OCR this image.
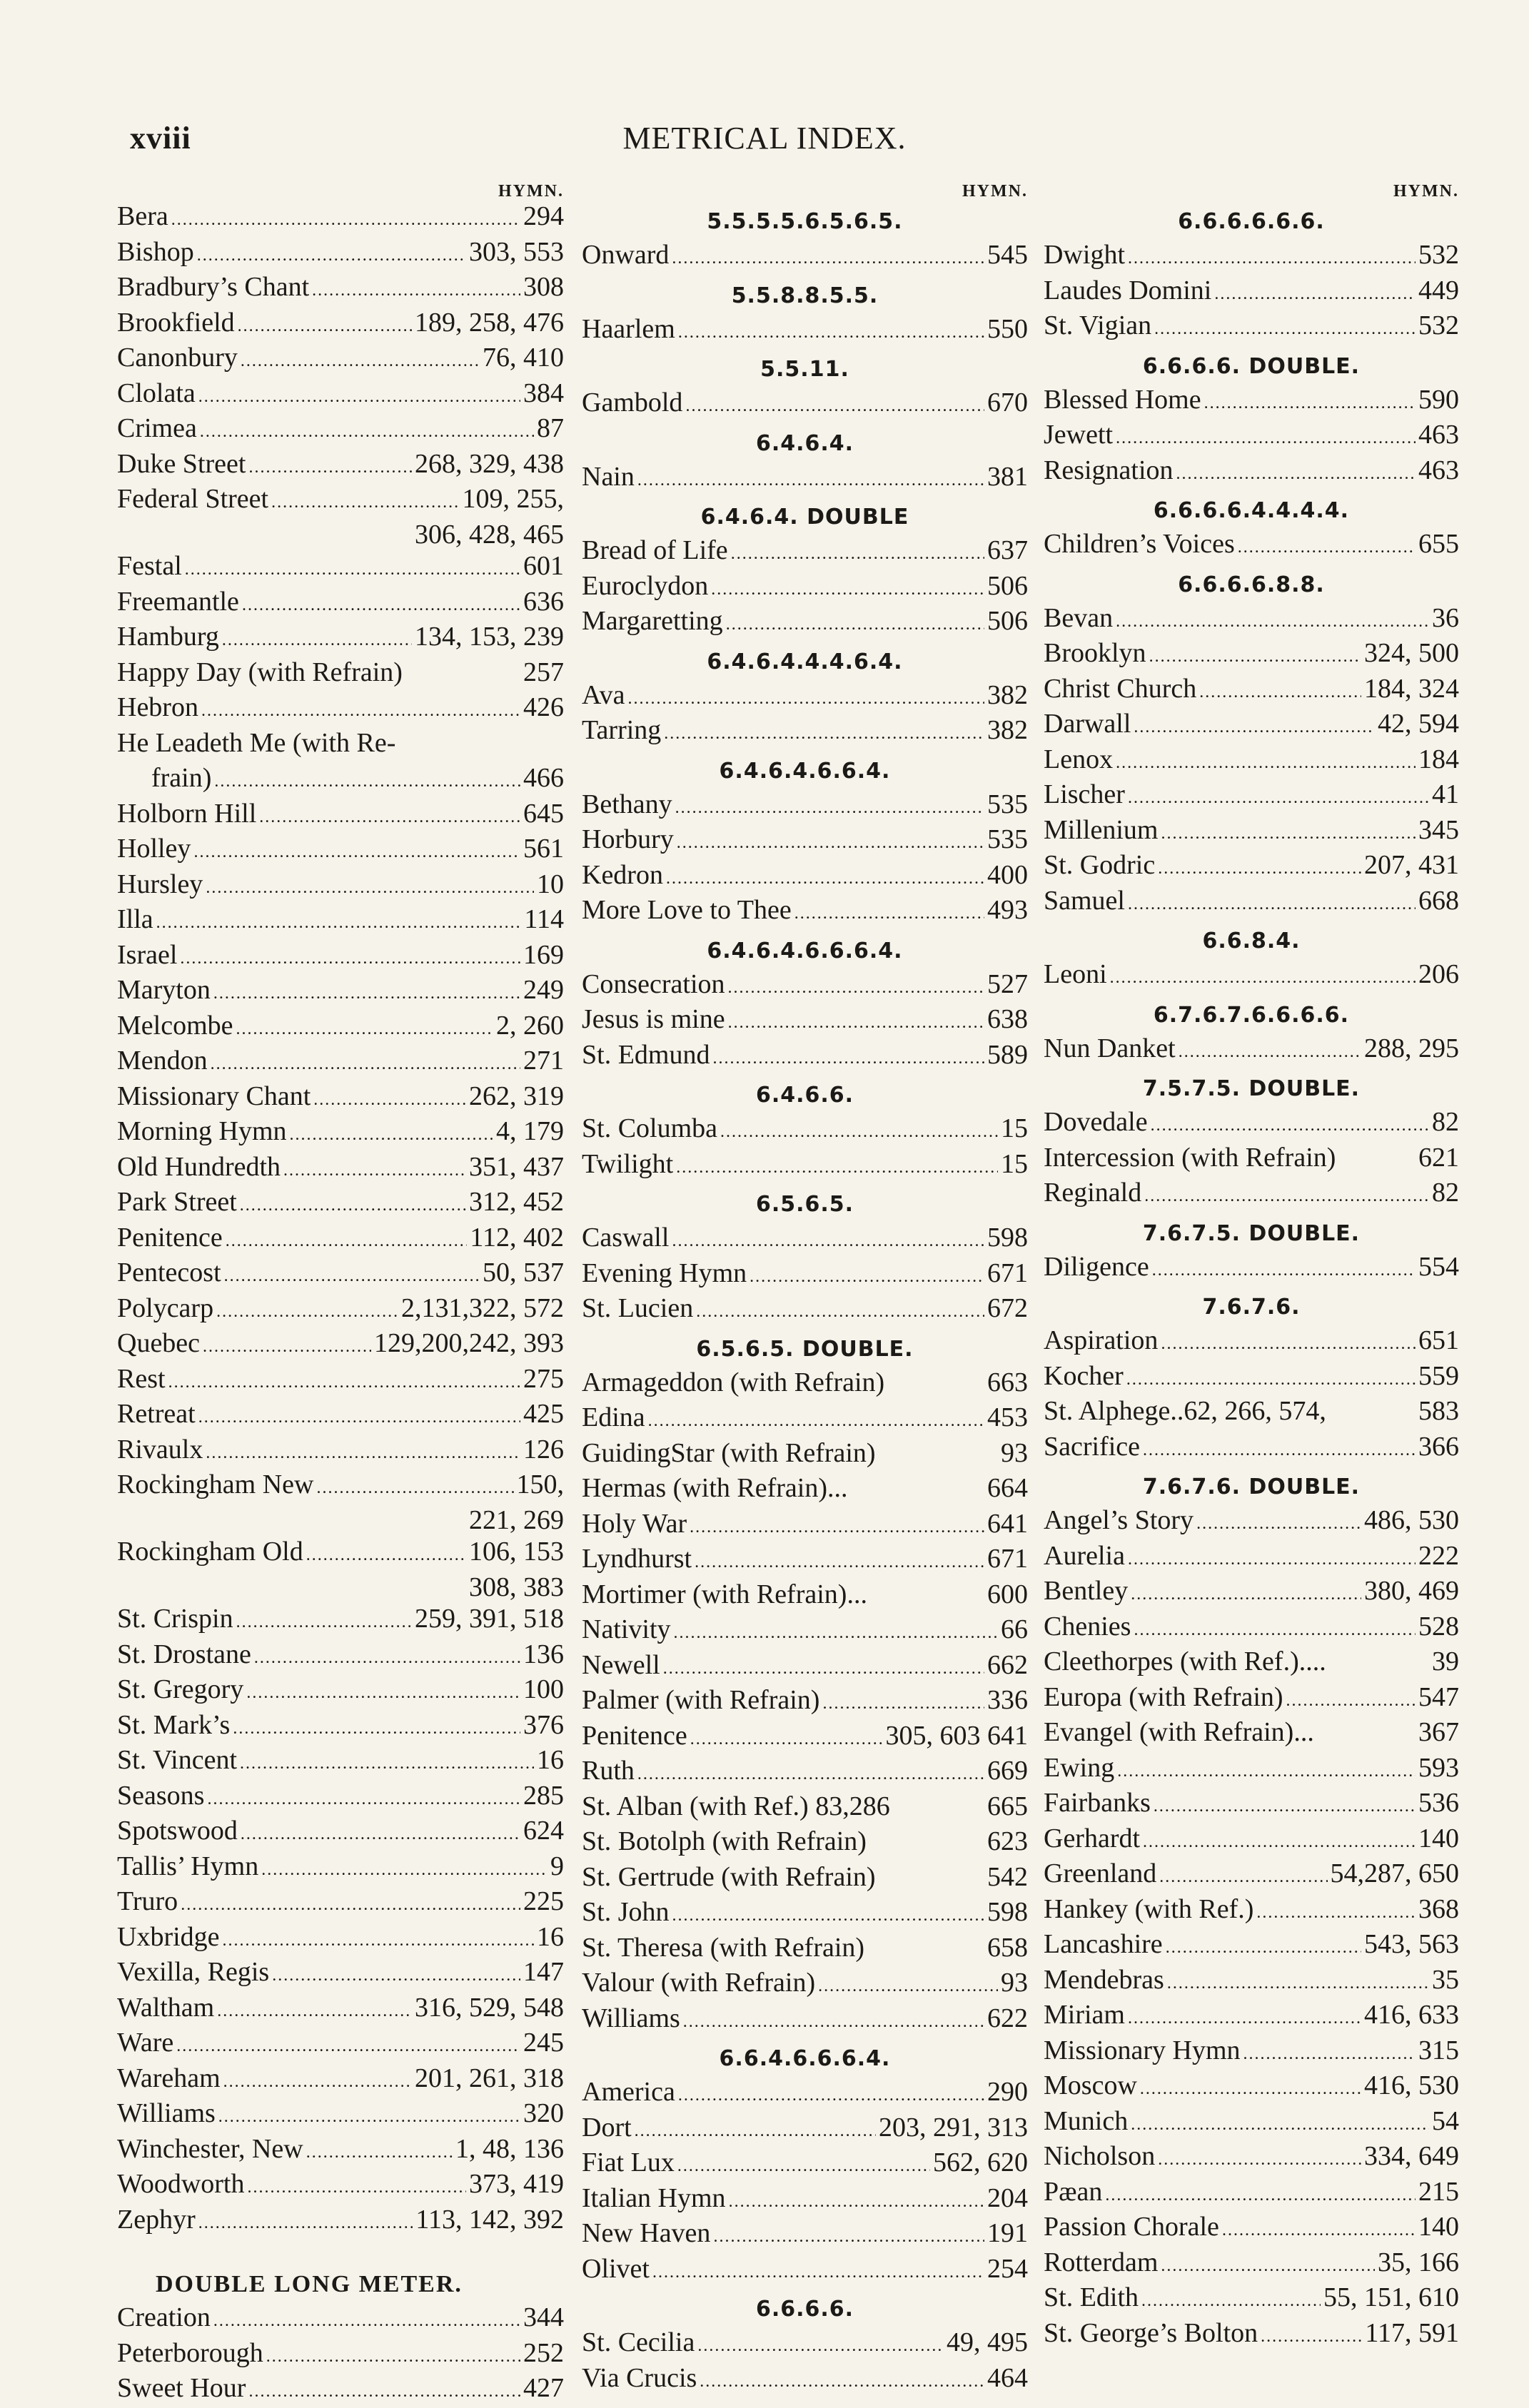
xviii	METRICAL INDEX.
HYMN.
Bera . . .	294
Bishop . . .	303, 553
Bradbury’s Chant . . .	308
Brookfield . . .	189, 258, 476
Canonbury . . .	76, 410
Clolata . . .	384
Crimea . . .	87
Duke Street . . .	268, 329, 438
Federal Street . . .	109, 255,
306, 428, 465
Festal . . .	601
Freemantle . . .	636
Hamburg . . .	134, 153, 239
Happy Day (with Refrain)	257
Hebron . . .	426
He Leadeth Me (with Re-
frain) . . .	466
Holborn Hill . . .	645
Holley . . .	561
Hursley . . .	10
Illa . . .	114
Israel . . .	169
Maryton . . .	249
Melcombe . . .	2, 260
Mendon . . .	271
Missionary Chant . . .	262, 319
Morning Hymn . . .	4, 179
Old Hundredth . . .	351, 437
Park Street . . .	312, 452
Penitence . . .	112, 402
Pentecost . . .	50, 537
Polycarp . . .	2,131,322, 572
Quebec . . .	129,200,242, 393
Rest . . .	275
Retreat . . .	425
Rivaulx . . .	126
Rockingham New . . .	150,
221, 269
Rockingham Old . . .	106, 153
308, 383
St. Crispin . . .	259, 391, 518
St. Drostane . . .	136
St. Gregory . . .	100
St. Mark’s . . .	376
St. Vincent . . .	16
Seasons . . .	285
Spotswood . . .	624
Tallis’ Hymn . . .	9
Truro . . .	225
Uxbridge . . .	16
Vexilla, Regis . . .	147
Waltham . . .	316, 529, 548
Ware . . .	245
Wareham . . .	201, 261, 318
Williams . . .	320
Winchester, New . . .	1, 48, 136
Woodworth . . .	373, 419
Zephyr . . .	113, 142, 392
DOUBLE LONG METER.
Creation . . .	344
Peterborough . . .	252
Sweet Hour . . .	427
HYMN.
5.5.5.5.6.5.6.5.
Onward . . .	545
5.5.8.8.5.5.
Haarlem . . .	550
5.5.11.
Gambold . . .	670
6.4.6.4.
Nain . . .	381
6.4.6.4. DOUBLE
Bread of Life . . .	637
Euroclydon . . .	506
Margaretting . . .	506
6.4.6.4.4.4.6.4.
Ava . . .	382
Tarring . . .	382
6.4.6.4.6.6.4.
Bethany . . .	535
Horbury . . .	535
Kedron . . .	400
More Love to Thee . . .	493
6.4.6.4.6.6.6.4.
Consecration . . .	527
Jesus is mine . . .	638
St. Edmund . . .	589
6.4.6.6.
St. Columba . . .	15
Twilight . . .	15
6.5.6.5.
Caswall . . .	598
Evening Hymn . . .	671
St. Lucien . . .	672
6.5.6.5. DOUBLE.
Armageddon (with Refrain)	663
Edina . . .	453
GuidingStar (with Refrain)	93
Hermas (with Refrain)...	664
Holy War . . .	641
Lyndhurst . . .	671
Mortimer (with Refrain)...	600
Nativity . . .	66
Newell . . .	662
Palmer (with Refrain) . . .	336
Penitence . . .	305, 603 641
Ruth . . .	669
St. Alban (with Ref.) 83,286	665
St. Botolph (with Refrain)	623
St. Gertrude (with Refrain)	542
St. John . . .	598
St. Theresa (with Refrain)	658
Valour (with Refrain) . . .	93
Williams . . .	622
6.6.4.6.6.6.4.
America . . .	290
Dort . . .	203, 291, 313
Fiat Lux . . .	562, 620
Italian Hymn . . .	204
New Haven . . .	191
Olivet . . .	254
6.6.6.6.
St. Cecilia . . .	49, 495
Via Crucis . . .	464
HYMN.
6.6.6.6.6.6.
Dwight . . .	532
Laudes Domini . . .	449
St. Vigian . . .	532
6.6.6.6. DOUBLE.
Blessed Home . . .	590
Jewett . . .	463
Resignation . . .	463
6.6.6.6.4.4.4.4.
Children’s Voices . . .	655
6.6.6.6.8.8.
Bevan . . .	36
Brooklyn . . .	324, 500
Christ Church . . .	184, 324
Darwall . . .	42, 594
Lenox . . .	184
Lischer . . .	41
Millenium . . .	345
St. Godric . . .	207, 431
Samuel . . .	668
6.6.8.4.
Leoni . . .	206
6.7.6.7.6.6.6.6.
Nun Danket . . .	288, 295
7.5.7.5. DOUBLE.
Dovedale . . .	82
Intercession (with Refrain)	621
Reginald . . .	82
7.6.7.5. DOUBLE.
Diligence . . .	554
7.6.7.6.
Aspiration . . .	651
Kocher . . .	559
St. Alphege..62, 266, 574,	583
Sacrifice . . .	366
7.6.7.6. DOUBLE.
Angel’s Story . . .	486, 530
Aurelia . . .	222
Bentley . . .	380, 469
Chenies . . .	528
Cleethorpes (with Ref.)....	39
Europa (with Refrain) . . .	547
Evangel (with Refrain)...	367
Ewing . . .	593
Fairbanks . . .	536
Gerhardt . . .	140
Greenland . . .	54,287, 650
Hankey (with Ref.) . . .	368
Lancashire . . .	543, 563
Mendebras . . .	35
Miriam . . .	416, 633
Missionary Hymn . . .	315
Moscow . . .	416, 530
Munich . . .	54
Nicholson . . .	334, 649
Pæan . . .	215
Passion Chorale . . .	140
Rotterdam . . .	35, 166
St. Edith . . .	55, 151, 610
St. George’s Bolton . . .	117, 591
